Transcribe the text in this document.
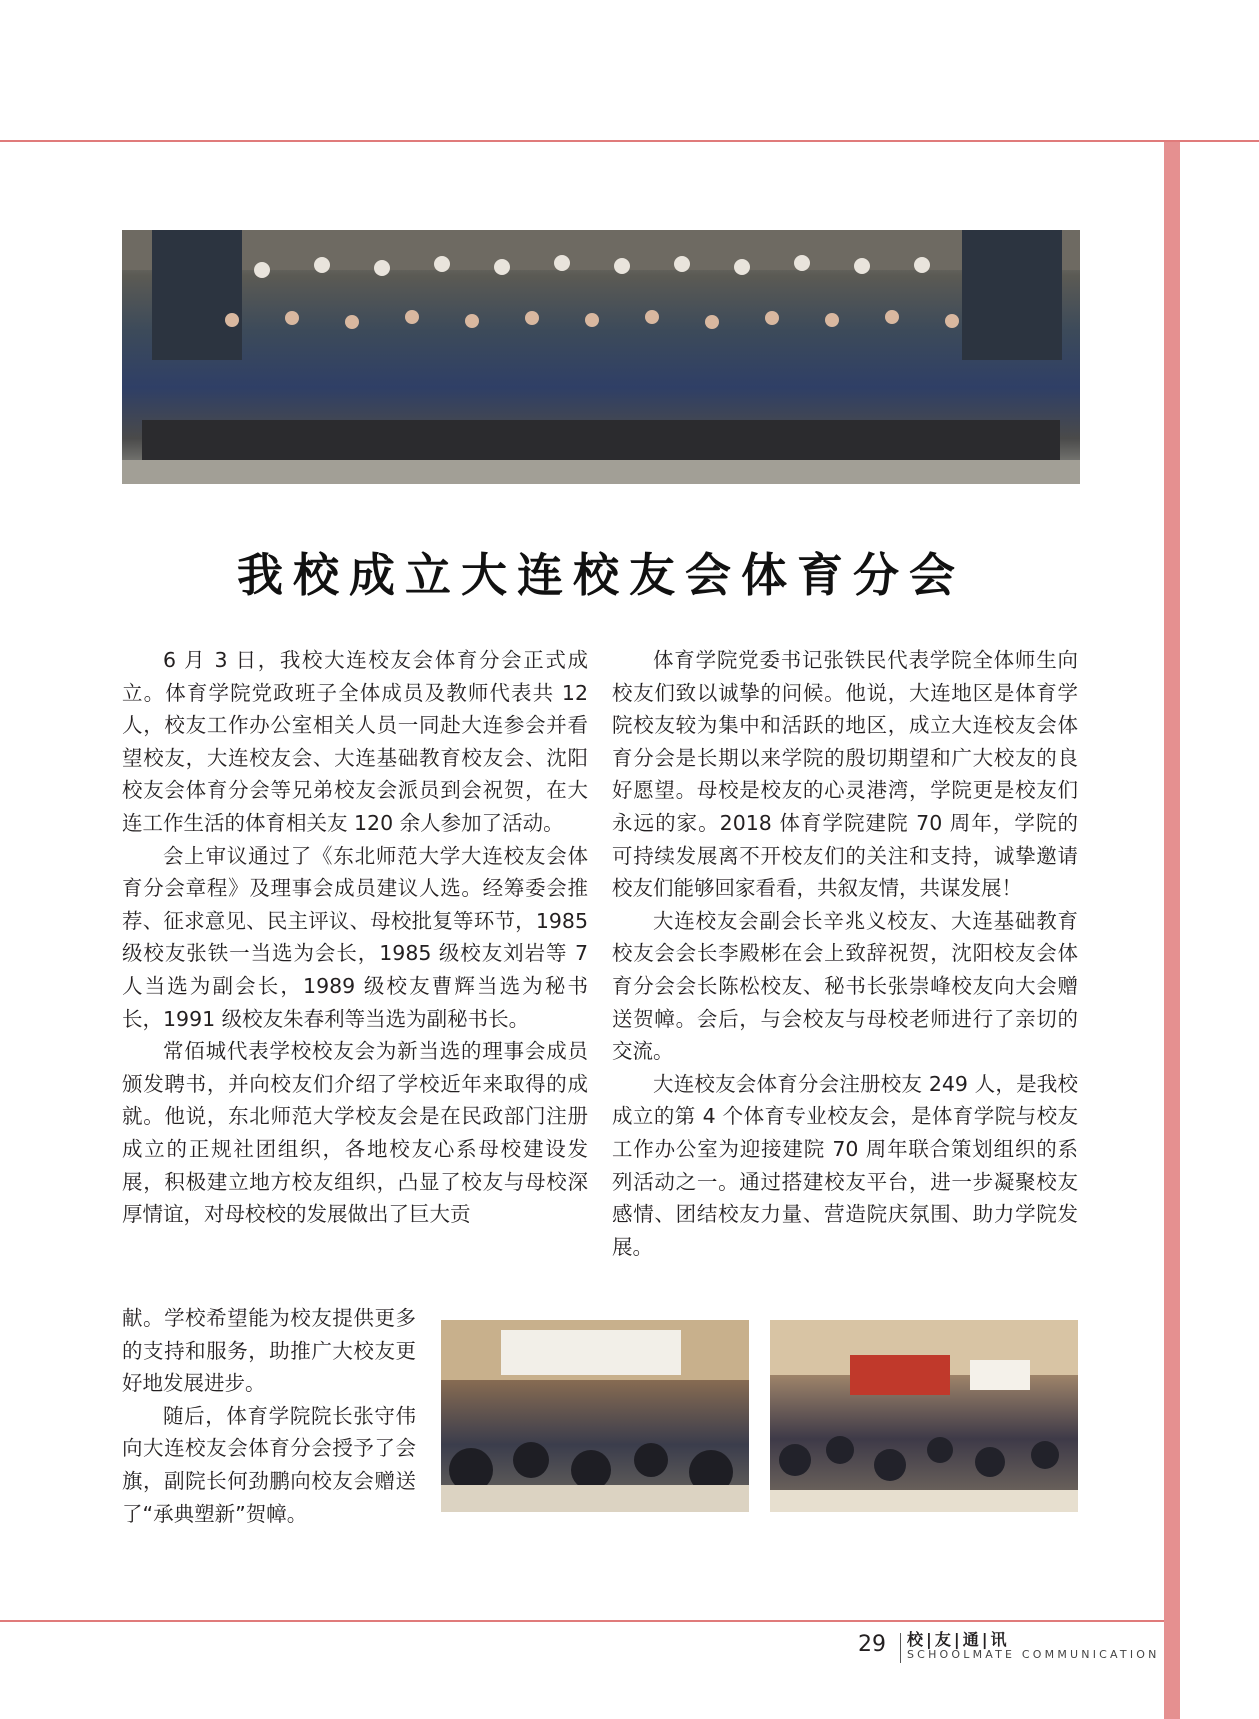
我校成立大连校友会体育分会

6 月 3 日，我校大连校友会体育分会正式成立。体育学院党政班子全体成员及教师代表共 12 人，校友工作办公室相关人员一同赴大连参会并看望校友，大连校友会、大连基础教育校友会、沈阳校友会体育分会等兄弟校友会派员到会祝贺，在大连工作生活的体育相关友 120 余人参加了活动。

会上审议通过了《东北师范大学大连校友会体育分会章程》及理事会成员建议人选。经筹委会推荐、征求意见、民主评议、母校批复等环节，1985 级校友张铁一当选为会长，1985 级校友刘岩等 7 人当选为副会长，1989 级校友曹辉当选为秘书长，1991 级校友朱春利等当选为副秘书长。

常佰城代表学校校友会为新当选的理事会成员颁发聘书，并向校友们介绍了学校近年来取得的成就。他说，东北师范大学校友会是在民政部门注册成立的正规社团组织，各地校友心系母校建设发展，积极建立地方校友组织，凸显了校友与母校深厚情谊，对母校校的发展做出了巨大贡

献。学校希望能为校友提供更多的支持和服务，助推广大校友更好地发展进步。

随后，体育学院院长张守伟向大连校友会体育分会授予了会旗，副院长何劲鹏向校友会赠送了“承典塑新”贺幛。

体育学院党委书记张铁民代表学院全体师生向校友们致以诚挚的问候。他说，大连地区是体育学院校友较为集中和活跃的地区，成立大连校友会体育分会是长期以来学院的殷切期望和广大校友的良好愿望。母校是校友的心灵港湾，学院更是校友们永远的家。2018 体育学院建院 70 周年，学院的可持续发展离不开校友们的关注和支持，诚挚邀请校友们能够回家看看，共叙友情，共谋发展！

大连校友会副会长辛兆义校友、大连基础教育校友会会长李殿彬在会上致辞祝贺，沈阳校友会体育分会会长陈松校友、秘书长张崇峰校友向大会赠送贺幛。会后，与会校友与母校老师进行了亲切的交流。

大连校友会体育分会注册校友 249 人，是我校成立的第 4 个体育专业校友会，是体育学院与校友工作办公室为迎接建院 70 周年联合策划组织的系列活动之一。通过搭建校友平台，进一步凝聚校友感情、团结校友力量、营造院庆氛围、助力学院发展。

29 校|友|通|讯
SCHOOLMATE COMMUNICATION
